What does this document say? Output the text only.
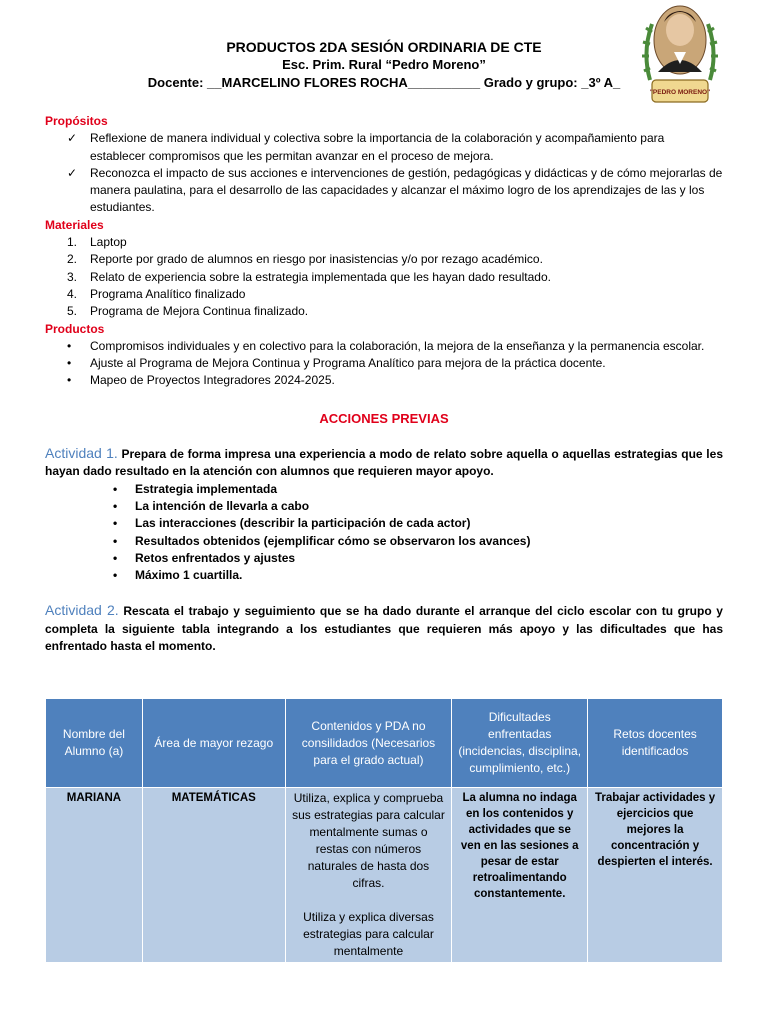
"PEDRO MORENO"
PRODUCTOS 2DA SESIÓN ORDINARIA DE CTE
Esc. Prim. Rural “Pedro Moreno”
Docente: __MARCELINO FLORES ROCHA__________ Grado y grupo: _3º A_
Propósitos
✓ Reflexione de manera individual y colectiva sobre la importancia de la colaboración y acompañamiento para establecer compromisos que les permitan avanzar en el proceso de mejora.
✓ Reconozca el impacto de sus acciones e intervenciones de gestión, pedagógicas y didácticas y de cómo mejorarlas de manera paulatina, para el desarrollo de las capacidades y alcanzar el máximo logro de los aprendizajes de las y los estudiantes.
Materiales
1. Laptop
2. Reporte por grado de alumnos en riesgo por inasistencias y/o por rezago académico.
3. Relato de experiencia sobre la estrategia implementada que les hayan dado resultado.
4. Programa Analítico finalizado
5. Programa de Mejora Continua finalizado.
Productos
• Compromisos individuales y en colectivo para la colaboración, la mejora de la enseñanza y la permanencia escolar.
• Ajuste al Programa de Mejora Continua y Programa Analítico para mejora de la práctica docente.
• Mapeo de Proyectos Integradores 2024-2025.
ACCIONES PREVIAS
Actividad 1. Prepara de forma impresa una experiencia a modo de relato sobre aquella o aquellas estrategias que les hayan dado resultado en la atención con alumnos que requieren mayor apoyo.
• Estrategia implementada
• La intención de llevarla a cabo
• Las interacciones (describir la participación de cada actor)
• Resultados obtenidos (ejemplificar cómo se observaron los avances)
• Retos enfrentados y ajustes
• Máximo 1 cuartilla.
Actividad 2. Rescata el trabajo y seguimiento que se ha dado durante el arranque del ciclo escolar con tu grupo y completa la siguiente tabla integrando a los estudiantes que requieren más apoyo y las dificultades que has enfrentado hasta el momento.
Nombre del Alumno (a)	Área de mayor rezago	Contenidos y PDA no consilidados (Necesarios para el grado actual)	Dificultades enfrentadas (incidencias, disciplina, cumplimiento, etc.)	Retos docentes identificados
MARIANA	MATEMÁTICAS	Utiliza, explica y comprueba sus estrategias para calcular mentalmente sumas o restas con números naturales de hasta dos cifras.
Utiliza y explica diversas estrategias para calcular mentalmente	La alumna no indaga en los contenidos y actividades que se ven en las sesiones a pesar de estar retroalimentando constantemente.	Trabajar actividades y ejercicios que mejores la concentración y despierten el interés.
